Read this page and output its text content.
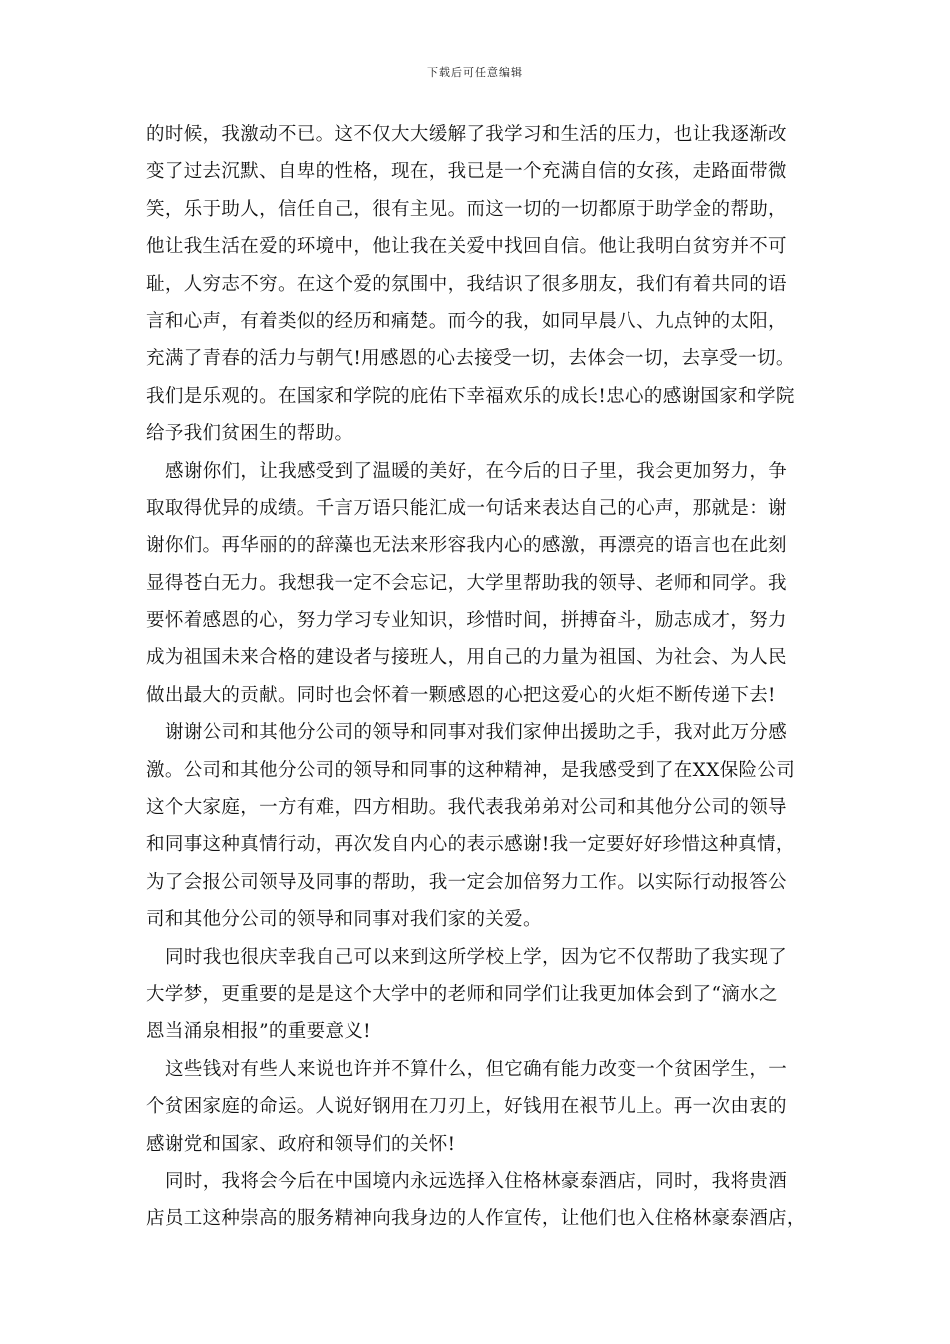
下载后可任意编辑
的时候，我激动不已。这不仅大大缓解了我学习和生活的压力，也让我逐渐改
变了过去沉默、自卑的性格，现在，我已是一个充满自信的女孩，走路面带微
笑，乐于助人，信任自己，很有主见。而这一切的一切都原于助学金的帮助，
他让我生活在爱的环境中，他让我在关爱中找回自信。他让我明白贫穷并不可
耻，人穷志不穷。在这个爱的氛围中，我结识了很多朋友，我们有着共同的语
言和心声，有着类似的经历和痛楚。而今的我，如同早晨八、九点钟的太阳，
充满了青春的活力与朝气!用感恩的心去接受一切，去体会一切，去享受一切。
我们是乐观的。在国家和学院的庇佑下幸福欢乐的成长!忠心的感谢国家和学院
给予我们贫困生的帮助。
感谢你们，让我感受到了温暖的美好，在今后的日子里，我会更加努力，争
取取得优异的成绩。千言万语只能汇成一句话来表达自己的心声，那就是：谢
谢你们。再华丽的的辞藻也无法来形容我内心的感激，再漂亮的语言也在此刻
显得苍白无力。我想我一定不会忘记，大学里帮助我的领导、老师和同学。我
要怀着感恩的心，努力学习专业知识，珍惜时间，拼搏奋斗，励志成才，努力
成为祖国未来合格的建设者与接班人，用自己的力量为祖国、为社会、为人民
做出最大的贡献。同时也会怀着一颗感恩的心把这爱心的火炬不断传递下去!
谢谢公司和其他分公司的领导和同事对我们家伸出援助之手，我对此万分感
激。公司和其他分公司的领导和同事的这种精神，是我感受到了在XX保险公司
这个大家庭，一方有难，四方相助。我代表我弟弟对公司和其他分公司的领导
和同事这种真情行动，再次发自内心的表示感谢!我一定要好好珍惜这种真情，
为了会报公司领导及同事的帮助，我一定会加倍努力工作。以实际行动报答公
司和其他分公司的领导和同事对我们家的关爱。
同时我也很庆幸我自己可以来到这所学校上学，因为它不仅帮助了我实现了
大学梦，更重要的是是这个大学中的老师和同学们让我更加体会到了“滴水之
恩当涌泉相报”的重要意义!
这些钱对有些人来说也许并不算什么，但它确有能力改变一个贫困学生，一
个贫困家庭的命运。人说好钢用在刀刃上，好钱用在裉节儿上。再一次由衷的
感谢党和国家、政府和领导们的关怀!
同时，我将会今后在中国境内永远选择入住格林豪泰酒店，同时，我将贵酒
店员工这种崇高的服务精神向我身边的人作宣传，让他们也入住格林豪泰酒店，
